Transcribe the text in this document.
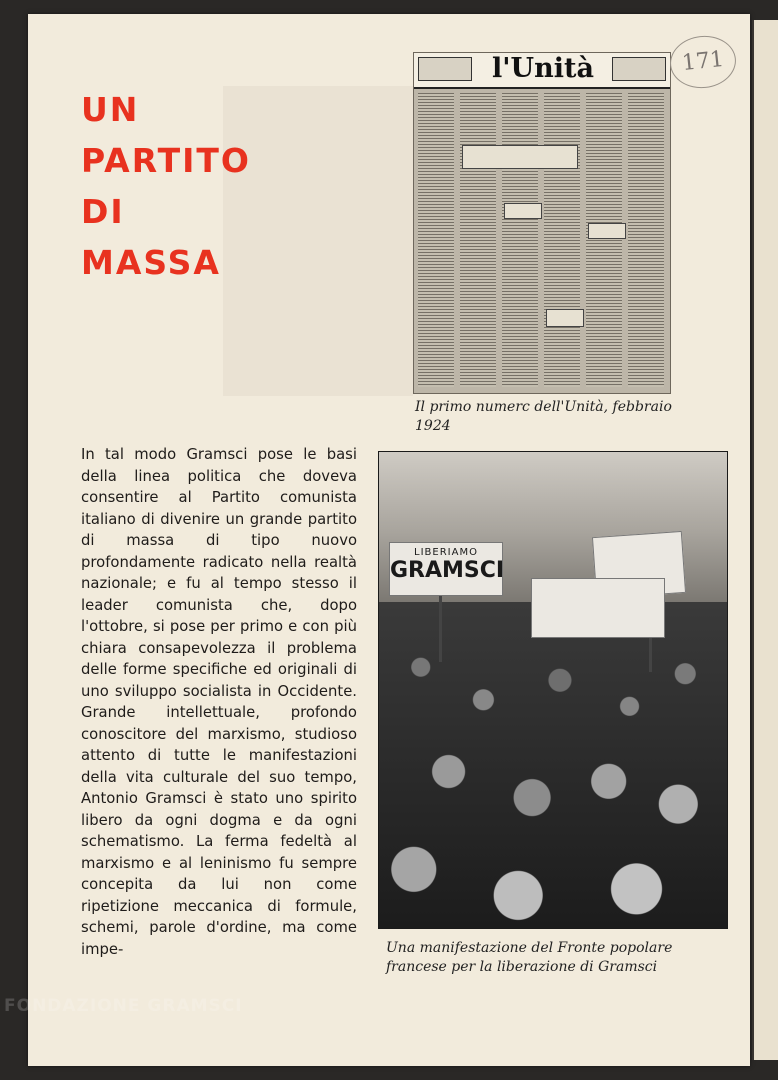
UN
PARTITO
DI
MASSA
l'Unità	171

Il primo numerc dell'Unità, febbraio 1924

In tal modo Gramsci pose le basi della linea politica che doveva consentire al Partito comunista italiano di divenire un grande partito di massa di tipo nuovo profondamente radicato nella realtà nazionale; e fu al tempo stesso il leader comunista che, dopo l'ottobre, si pose per primo e con più chiara consapevolezza il problema delle forme specifiche ed originali di uno sviluppo socialista in Occidente. Grande intellettuale, profondo conoscitore del marxismo, studioso attento di tutte le manifestazioni della vita culturale del suo tempo, Antonio Gramsci è stato uno spirito libero da ogni dogma e da ogni schematismo. La ferma fedeltà al marxismo e al leninismo fu sempre concepita da lui non come ripetizione meccanica di formule, schemi, parole d'ordine, ma come impe-

LIBERIAMO
GRAMSCI

Una manifestazione del Fronte popolare francese per la liberazione di Gramsci

FONDAZIONE GRAMSCI
